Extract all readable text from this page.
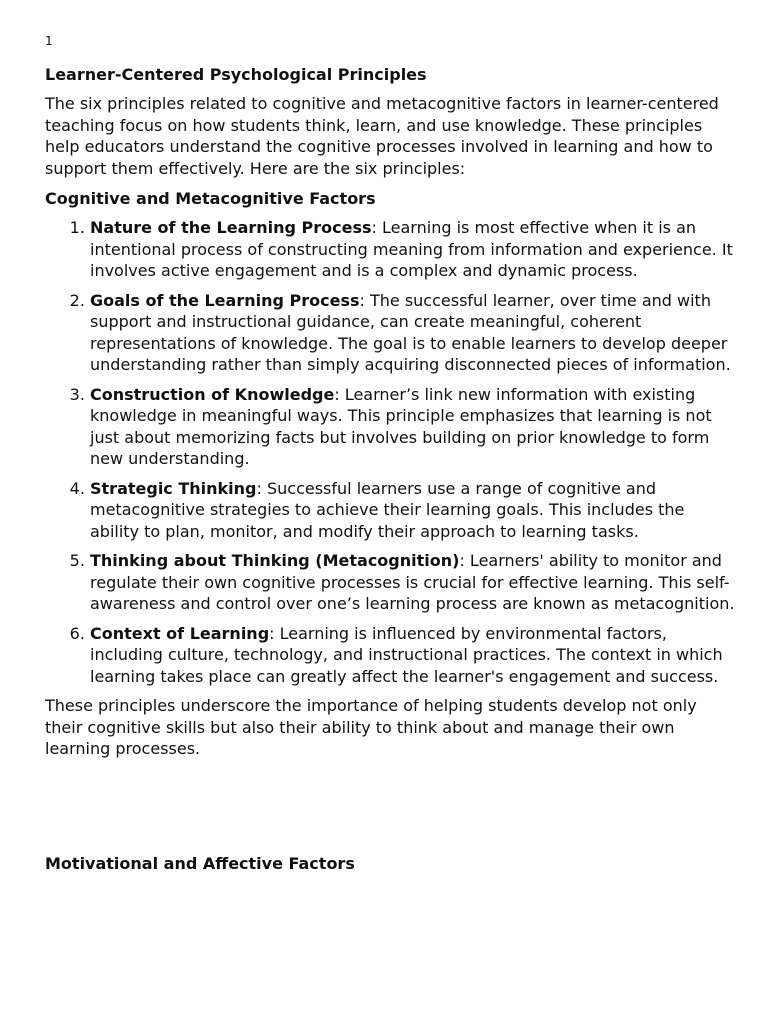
1
Learner-Centered Psychological Principles

The six principles related to cognitive and metacognitive factors in learner-centered teaching focus on how students think, learn, and use knowledge. These principles help educators understand the cognitive processes involved in learning and how to support them effectively. Here are the six principles:

Cognitive and Metacognitive Factors
1. Nature of the Learning Process: Learning is most effective when it is an intentional process of constructing meaning from information and experience. It involves active engagement and is a complex and dynamic process.
2. Goals of the Learning Process: The successful learner, over time and with support and instructional guidance, can create meaningful, coherent representations of knowledge. The goal is to enable learners to develop deeper understanding rather than simply acquiring disconnected pieces of information.
3. Construction of Knowledge: Learner’s link new information with existing knowledge in meaningful ways. This principle emphasizes that learning is not just about memorizing facts but involves building on prior knowledge to form new understanding.
4. Strategic Thinking: Successful learners use a range of cognitive and metacognitive strategies to achieve their learning goals. This includes the ability to plan, monitor, and modify their approach to learning tasks.
5. Thinking about Thinking (Metacognition): Learners' ability to monitor and regulate their own cognitive processes is crucial for effective learning. This self-awareness and control over one’s learning process are known as metacognition.
6. Context of Learning: Learning is influenced by environmental factors, including culture, technology, and instructional practices. The context in which learning takes place can greatly affect the learner's engagement and success.

These principles underscore the importance of helping students develop not only their cognitive skills but also their ability to think about and manage their own learning processes.

Motivational and Affective Factors
